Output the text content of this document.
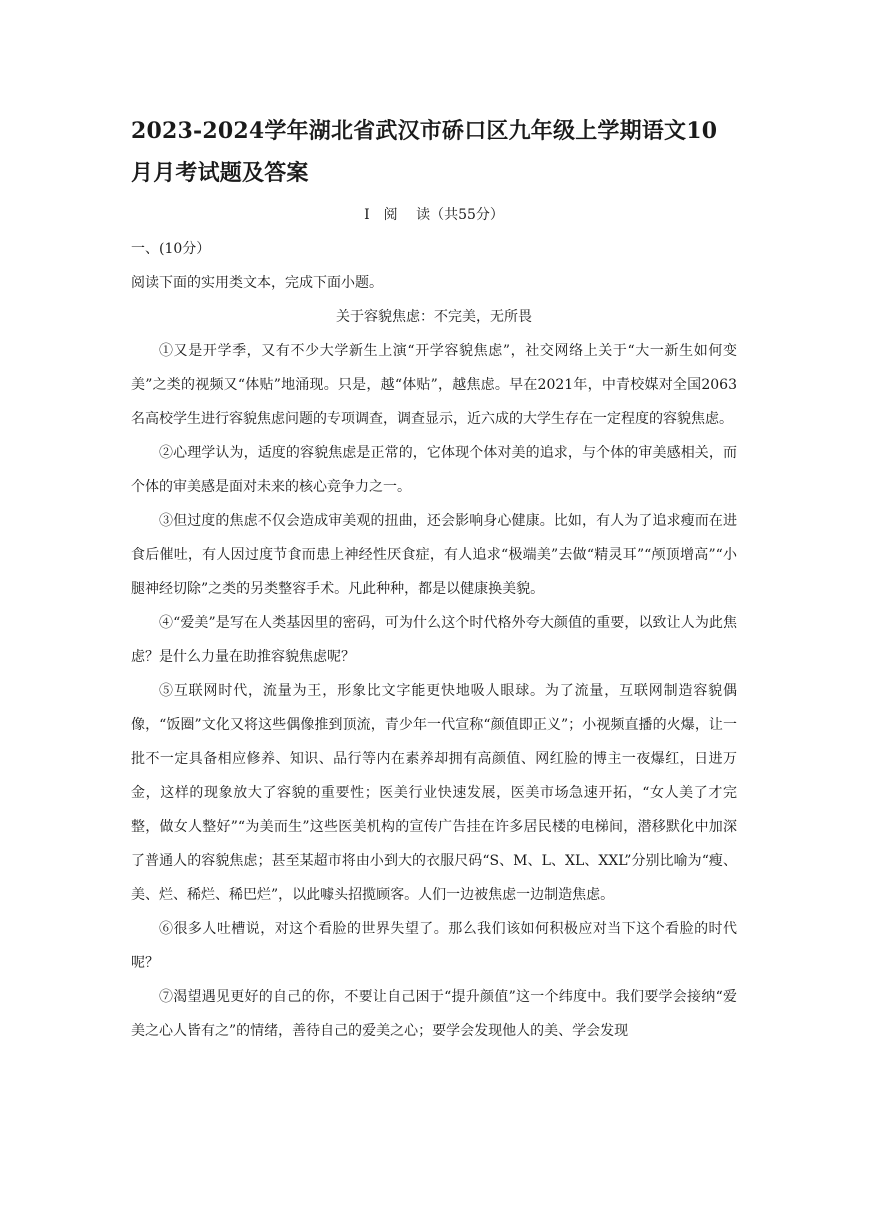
2023-2024学年湖北省武汉市硚口区九年级上学期语文10月月考试题及答案

Ⅰ　阅　 读（共55分）

一、(10分）

阅读下面的实用类文本，完成下面小题。

关于容貌焦虑：不完美，无所畏

①又是开学季，又有不少大学新生上演“开学容貌焦虑”，社交网络上关于“大一新生如何变美”之类的视频又“体贴”地涌现。只是，越“体贴”，越焦虑。早在2021年，中青校媒对全国2063名高校学生进行容貌焦虑问题的专项调查，调查显示，近六成的大学生存在一定程度的容貌焦虑。

②心理学认为，适度的容貌焦虑是正常的，它体现个体对美的追求，与个体的审美感相关，而个体的审美感是面对未来的核心竞争力之一。

③但过度的焦虑不仅会造成审美观的扭曲，还会影响身心健康。比如，有人为了追求瘦而在进食后催吐，有人因过度节食而患上神经性厌食症，有人追求“极端美”去做“精灵耳”“颅顶增高”“小腿神经切除”之类的另类整容手术。凡此种种，都是以健康换美貌。

④“爱美”是写在人类基因里的密码，可为什么这个时代格外夸大颜值的重要，以致让人为此焦虑？是什么力量在助推容貌焦虑呢？

⑤互联网时代，流量为王，形象比文字能更快地吸人眼球。为了流量，互联网制造容貌偶像，“饭圈”文化又将这些偶像推到顶流，青少年一代宣称“颜值即正义”；小视频直播的火爆，让一批不一定具备相应修养、知识、品行等内在素养却拥有高颜值、网红脸的博主一夜爆红，日进万金，这样的现象放大了容貌的重要性；医美行业快速发展，医美市场急速开拓，“女人美了才完整，做女人整好”“为美而生”这些医美机构的宣传广告挂在许多居民楼的电梯间，潜移默化中加深了普通人的容貌焦虑；甚至某超市将由小到大的衣服尺码“S、M、L、XL、XXL”分别比喻为“瘦、美、烂、稀烂、稀巴烂”，以此噱头招揽顾客。人们一边被焦虑一边制造焦虑。

⑥很多人吐槽说，对这个看脸的世界失望了。那么我们该如何积极应对当下这个看脸的时代呢？

⑦渴望遇见更好的自己的你，不要让自己困于“提升颜值”这一个纬度中。我们要学会接纳“爱美之心人皆有之”的情绪，善待自己的爱美之心；要学会发现他人的美、学会发现
